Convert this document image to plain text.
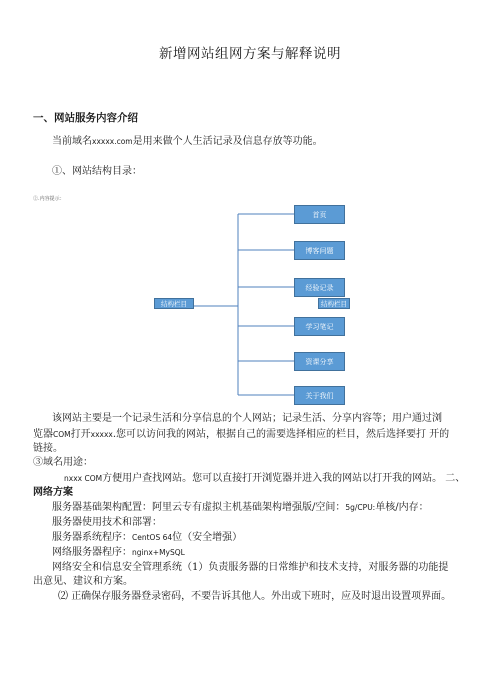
新增网站组网方案与解释说明
一、网站服务内容介绍
当前域名xxxxx.com是用来做个人生活记录及信息存放等功能。
①、网站结构目录：
②.内容提示：
结构栏目	结构栏目
首页
博客问题
经验记录
学习笔记
资课分享
关于我们
该网站主要是一个记录生活和分享信息的个人网站；记录生活、分享内容等；用户通过浏
览器COM打开xxxxx.您可以访问我的网站，根据自己的需要选择相应的栏目，然后选择要打 开的
链接。
③域名用途：
nxxx COM方便用户查找网站。您可以直接打开浏览器并进入我的网站以打开我的网站。 二、
网络方案
服务器基础架构配置：阿里云专有虚拟主机基础架构增强版/空间：5g/CPU:单核/内存：
服务器使用技术和部署：
服务器系统程序：CentOS 64位（安全增强）
网络服务器程序：nginx+MySQL
网络安全和信息安全管理系统（1）负责服务器的日常维护和技术支持，对服务器的功能提
出意见、建议和方案。
⑵ 正确保存服务器登录密码，不要告诉其他人。外出或下班时，应及时退出设置项界面。
